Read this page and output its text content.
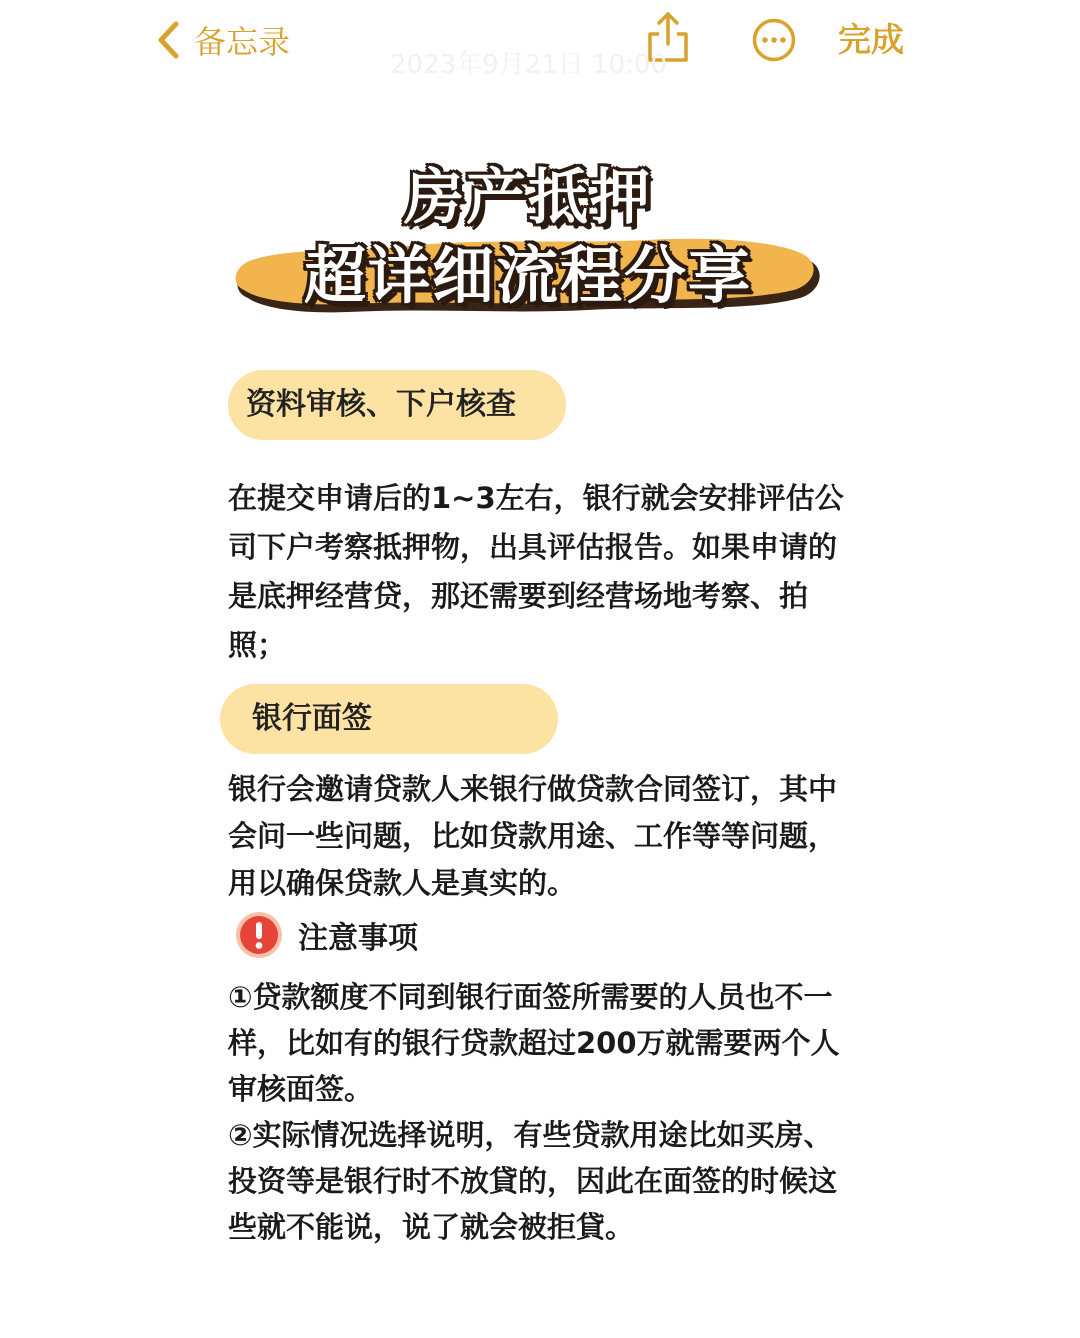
备忘录	完成
2023年9月21日 10:00
房产抵押
超详细流程分享
资料审核、下户核查
在提交申请后的1~3左右，银行就会安排评估公司下户考察抵押物，出具评估报告。如果申请的是底押经营贷，那还需要到经营场地考察、拍照；
银行面签
银行会邀请贷款人来银行做贷款合同签订，其中会问一些问题，比如贷款用途、工作等等问题，用以确保贷款人是真实的。
注意事项
①贷款额度不同到银行面签所需要的人员也不一样，比如有的银行贷款超过200万就需要两个人审核面签。
②实际情况选择说明，有些贷款用途比如买房、投资等是银行时不放貸的，因此在面签的时候这些就不能说，说了就会被拒貸。
